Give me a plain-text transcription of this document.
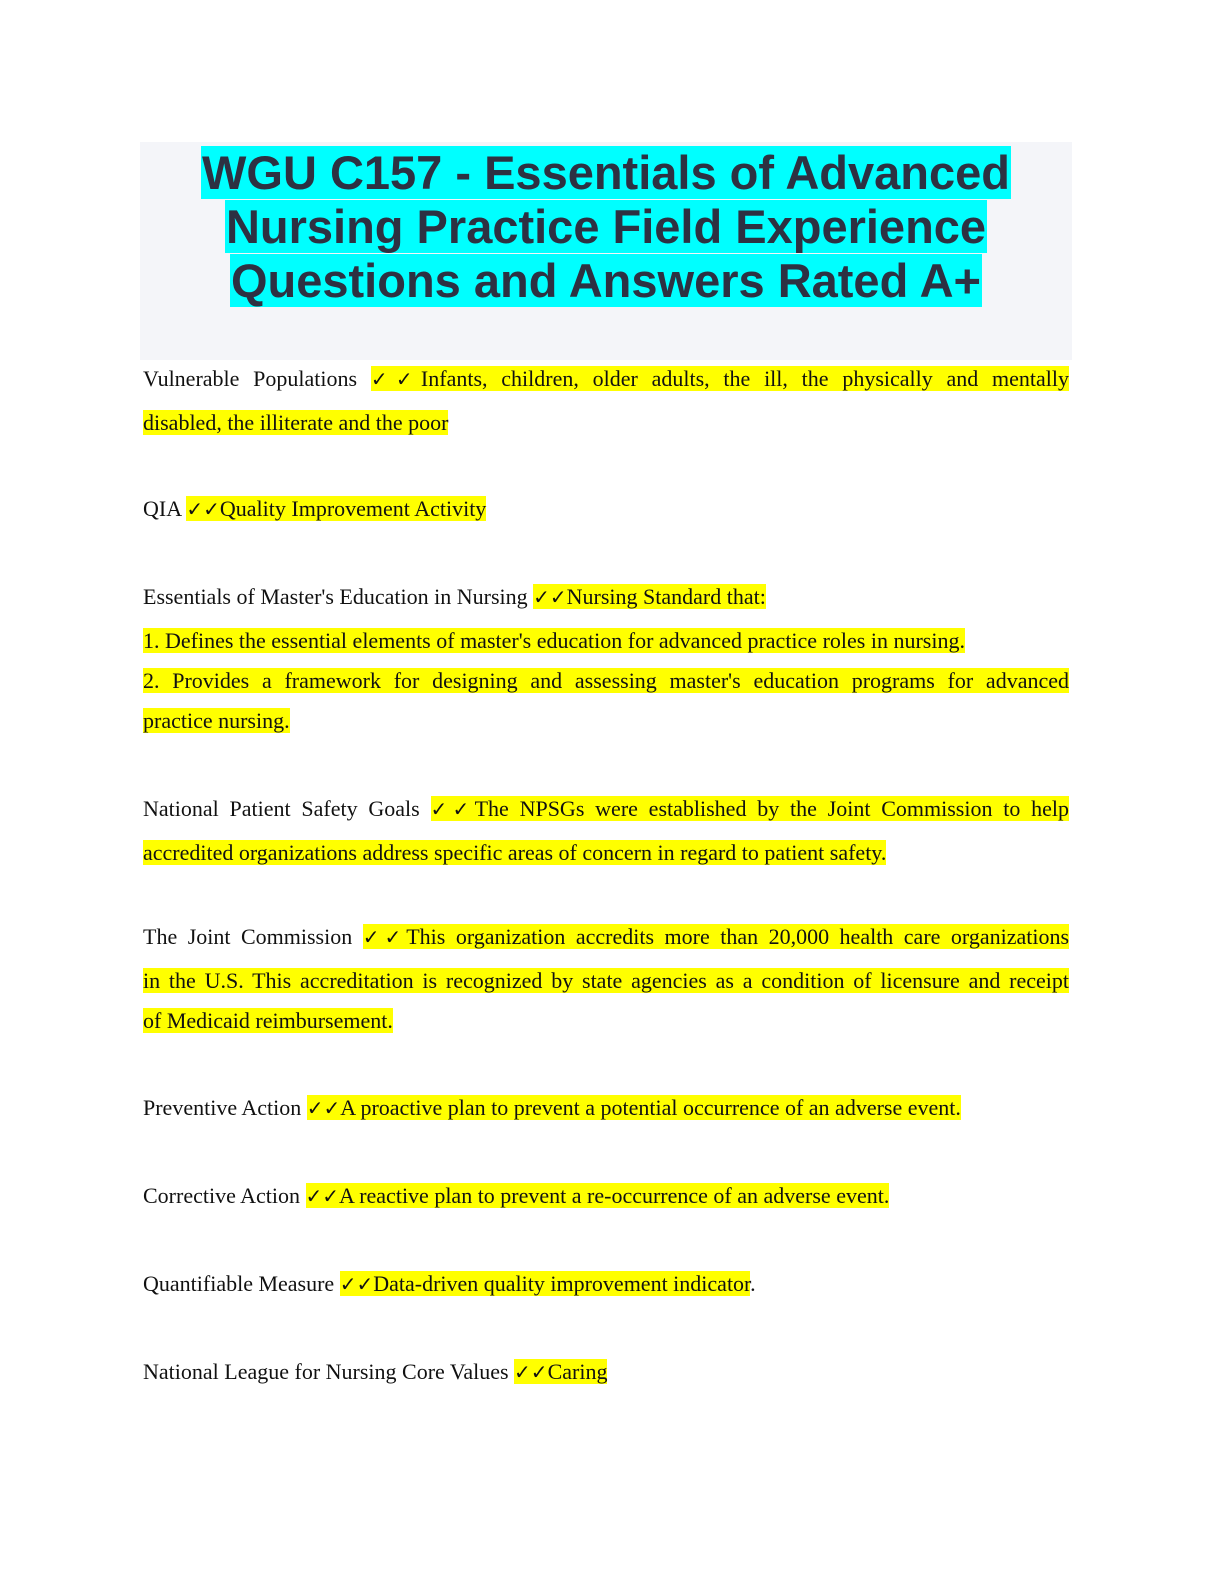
WGU C157 - Essentials of Advanced
Nursing Practice Field Experience
Questions and Answers Rated A+
Vulnerable Populations ✓✓Infants, children, older adults, the ill, the physically and mentally
disabled, the illiterate and the poor
QIA ✓✓Quality Improvement Activity
Essentials of Master's Education in Nursing ✓✓Nursing Standard that:
1. Defines the essential elements of master's education for advanced practice roles in nursing.
2. Provides a framework for designing and assessing master's education programs for advanced
practice nursing.
National Patient Safety Goals ✓✓The NPSGs were established by the Joint Commission to help
accredited organizations address specific areas of concern in regard to patient safety.
The Joint Commission ✓✓This organization accredits more than 20,000 health care organizations
in the U.S. This accreditation is recognized by state agencies as a condition of licensure and receipt
of Medicaid reimbursement.
Preventive Action ✓✓A proactive plan to prevent a potential occurrence of an adverse event.
Corrective Action ✓✓A reactive plan to prevent a re-occurrence of an adverse event.
Quantifiable Measure ✓✓Data-driven quality improvement indicator.
National League for Nursing Core Values ✓✓Caring
